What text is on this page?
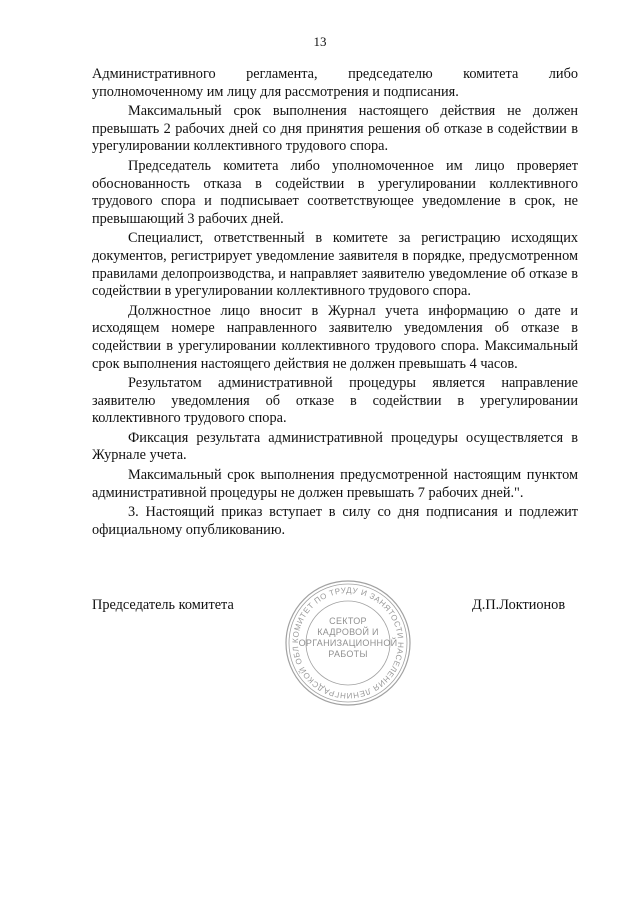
13

Административного регламента, председателю комитета либо уполномоченному им лицу для рассмотрения и подписания.

Максимальный срок выполнения настоящего действия не должен превышать 2 рабочих дней со дня принятия решения об отказе в содействии в урегулировании коллективного трудового спора.

Председатель комитета либо уполномоченное им лицо проверяет обоснованность отказа в содействии в урегулировании коллективного трудового спора и подписывает соответствующее уведомление в срок, не превышающий 3 рабочих дней.

Специалист, ответственный в комитете за регистрацию исходящих документов, регистрирует уведомление заявителя в порядке, предусмотренном правилами делопроизводства, и направляет заявителю уведомление об отказе в содействии в урегулировании коллективного трудового спора.

Должностное лицо вносит в Журнал учета информацию о дате и исходящем номере направленного заявителю уведомления об отказе в содействии в урегулировании коллективного трудового спора. Максимальный срок выполнения настоящего действия не должен превышать 4 часов.

Результатом административной процедуры является направление заявителю уведомления об отказе в содействии в урегулировании коллективного трудового спора.

Фиксация результата административной процедуры осуществляется в Журнале учета.

Максимальный срок выполнения предусмотренной настоящим пунктом административной процедуры не должен превышать 7 рабочих дней.".

3. Настоящий приказ вступает в силу со дня подписания и подлежит официальному опубликованию.

Председатель комитета
КОМИТЕТ ПО ТРУДУ И ЗАНЯТОСТИ НАСЕЛЕНИЯ ЛЕНИНГРАДСКОЙ ОБЛ
СЕКТОР
КАДРОВОЙ И
ОРГАНИЗАЦИОННОЙ
РАБОТЫ
Д.П.Локтионов
